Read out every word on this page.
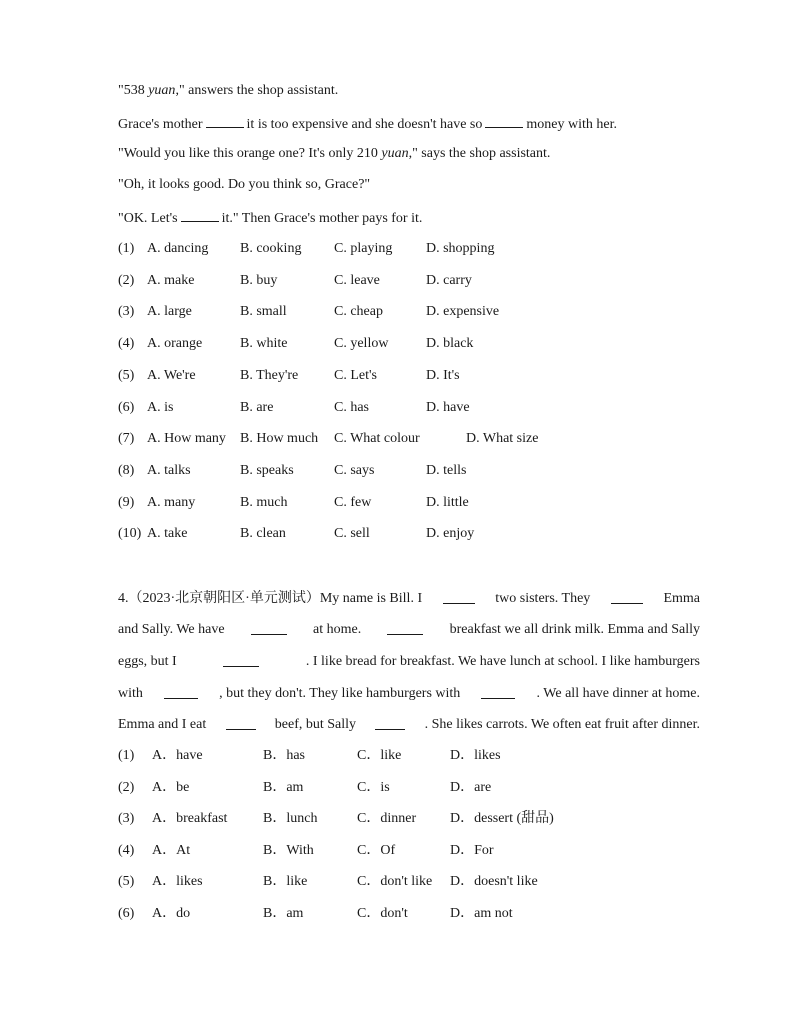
"538 yuan," answers the shop assistant.
Grace's mother	it is too expensive and she doesn't have so	money with her.
"Would you like this orange one? It's only 210 yuan," says the shop assistant.
"Oh, it looks good. Do you think so, Grace?"
"OK. Let's	it." Then Grace's mother pays for it.
(1) A. dancing B. cooking C. playing D. shopping
(2) A. make	B. buy	C. leave	D. carry
(3) A. large	B. small	C. cheap	D. expensive
(4) A. orange	B. white	C. yellow	D. black
(5) A. We're	B. They're	C. Let's	D. It's
(6) A. is	B. are	C. has	D. have
(7) A. How many B. How much C. What colour	D. What size
(8) A. talks	B. speaks	C. says	D. tells
(9) A. many	B. much	C. few	D. little
(10) A. take	B. clean	C. sell	D. enjoy
4.（2023·北京朝阳区·单元测试）My name is Bill. I	two sisters. They	Emma
and Sally. We have	at home.	breakfast we all drink milk. Emma and Sally
eggs, but I	. I like bread for breakfast. We have lunch at school. I like hamburgers
with	, but they don't. They like hamburgers with	. We all have dinner at home.
Emma and I eat	beef, but Sally	. She likes carrots. We often eat fruit after dinner.
(1) A．have	B．has	C．like	D．likes
(2) A．be	B．am	C．is	D．are
(3) A．breakfast	B．lunch	C．dinner D．dessert (甜品)
(4) A．At	B．With	C．Of	D．For
(5) A．likes	B．like	C．don't like D．doesn't like
(6) A．do	B．am	C．don't	D．am not
